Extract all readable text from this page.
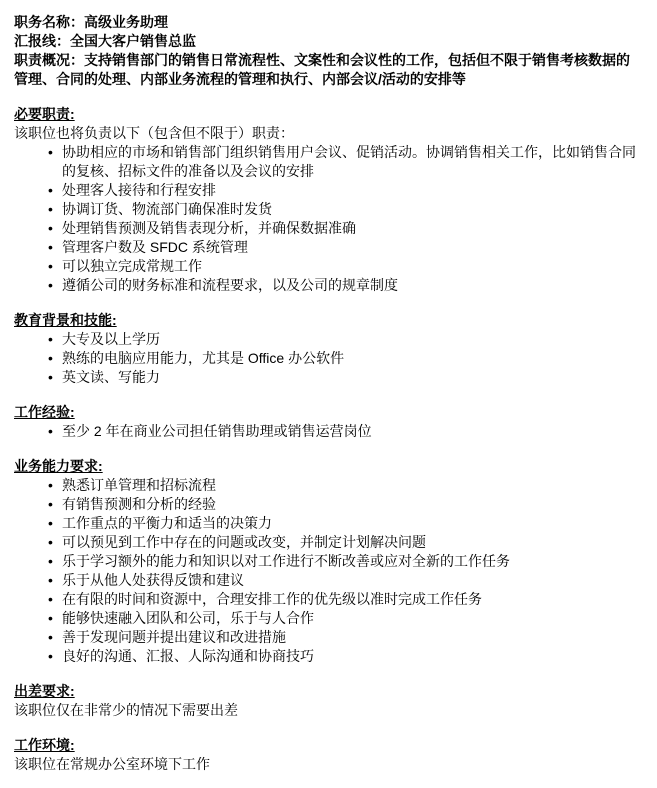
职务名称：高级业务助理
汇报线：全国大客户销售总监
职责概况：支持销售部门的销售日常流程性、文案性和会议性的工作，包括但不限于销售考核数据的管理、合同的处理、内部业务流程的管理和执行、内部会议/活动的安排等
必要职责:

该职位也将负责以下（包含但不限于）职责：

• 协助相应的市场和销售部门组织销售用户会议、促销活动。协调销售相关工作，比如销售合同的复核、招标文件的准备以及会议的安排
• 处理客人接待和行程安排
• 协调订货、物流部门确保准时发货
• 处理销售预测及销售表现分析，并确保数据准确
• 管理客户数及 SFDC 系统管理
• 可以独立完成常规工作
• 遵循公司的财务标准和流程要求，以及公司的规章制度
教育背景和技能:
• 大专及以上学历
• 熟练的电脑应用能力，尤其是 Office 办公软件
• 英文读、写能力
工作经验:
• 至少 2 年在商业公司担任销售助理或销售运营岗位
业务能力要求:
• 熟悉订单管理和招标流程
• 有销售预测和分析的经验
• 工作重点的平衡力和适当的决策力
• 可以预见到工作中存在的问题或改变，并制定计划解决问题
• 乐于学习额外的能力和知识以对工作进行不断改善或应对全新的工作任务
• 乐于从他人处获得反馈和建议
• 在有限的时间和资源中，合理安排工作的优先级以准时完成工作任务
• 能够快速融入团队和公司，乐于与人合作
• 善于发现问题并提出建议和改进措施
• 良好的沟通、汇报、人际沟通和协商技巧
出差要求:

该职位仅在非常少的情况下需要出差

工作环境:

该职位在常规办公室环境下工作
